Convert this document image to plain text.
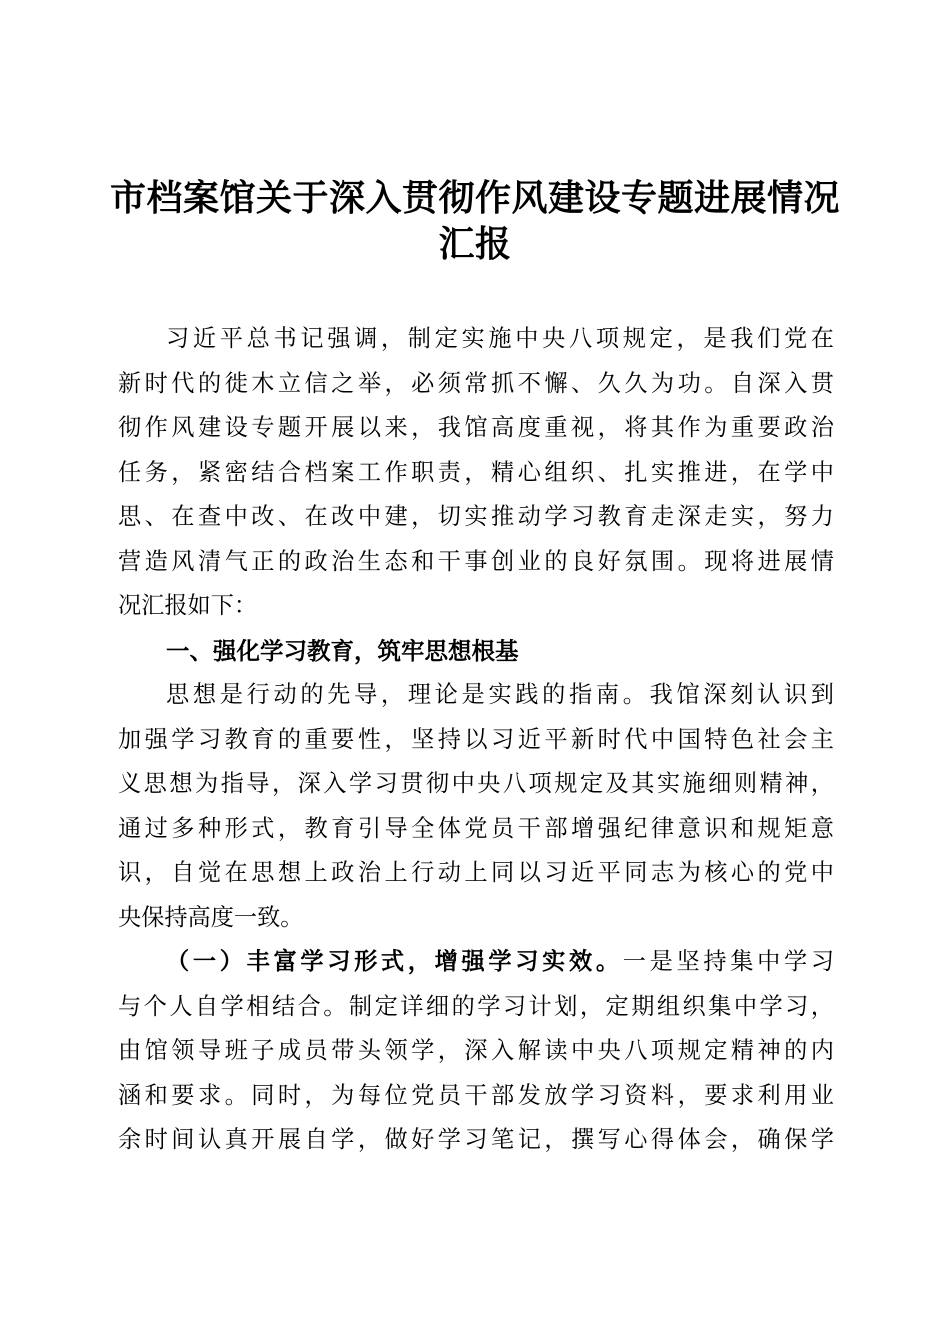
市档案馆关于深入贯彻作风建设专题进展情况
汇报
习近平总书记强调，制定实施中央八项规定，是我们党在
新时代的徙木立信之举，必须常抓不懈、久久为功。自深入贯
彻作风建设专题开展以来，我馆高度重视，将其作为重要政治
任务，紧密结合档案工作职责，精心组织、扎实推进，在学中
思、在查中改、在改中建，切实推动学习教育走深走实，努力
营造风清气正的政治生态和干事创业的良好氛围。现将进展情
况汇报如下：
一、强化学习教育，筑牢思想根基
思想是行动的先导，理论是实践的指南。我馆深刻认识到
加强学习教育的重要性，坚持以习近平新时代中国特色社会主
义思想为指导，深入学习贯彻中央八项规定及其实施细则精神，
通过多种形式，教育引导全体党员干部增强纪律意识和规矩意
识，自觉在思想上政治上行动上同以习近平同志为核心的党中
央保持高度一致。
（一）丰富学习形式，增强学习实效。一是坚持集中学习
与个人自学相结合。制定详细的学习计划，定期组织集中学习，
由馆领导班子成员带头领学，深入解读中央八项规定精神的内
涵和要求。同时，为每位党员干部发放学习资料，要求利用业
余时间认真开展自学，做好学习笔记，撰写心得体会，确保学
